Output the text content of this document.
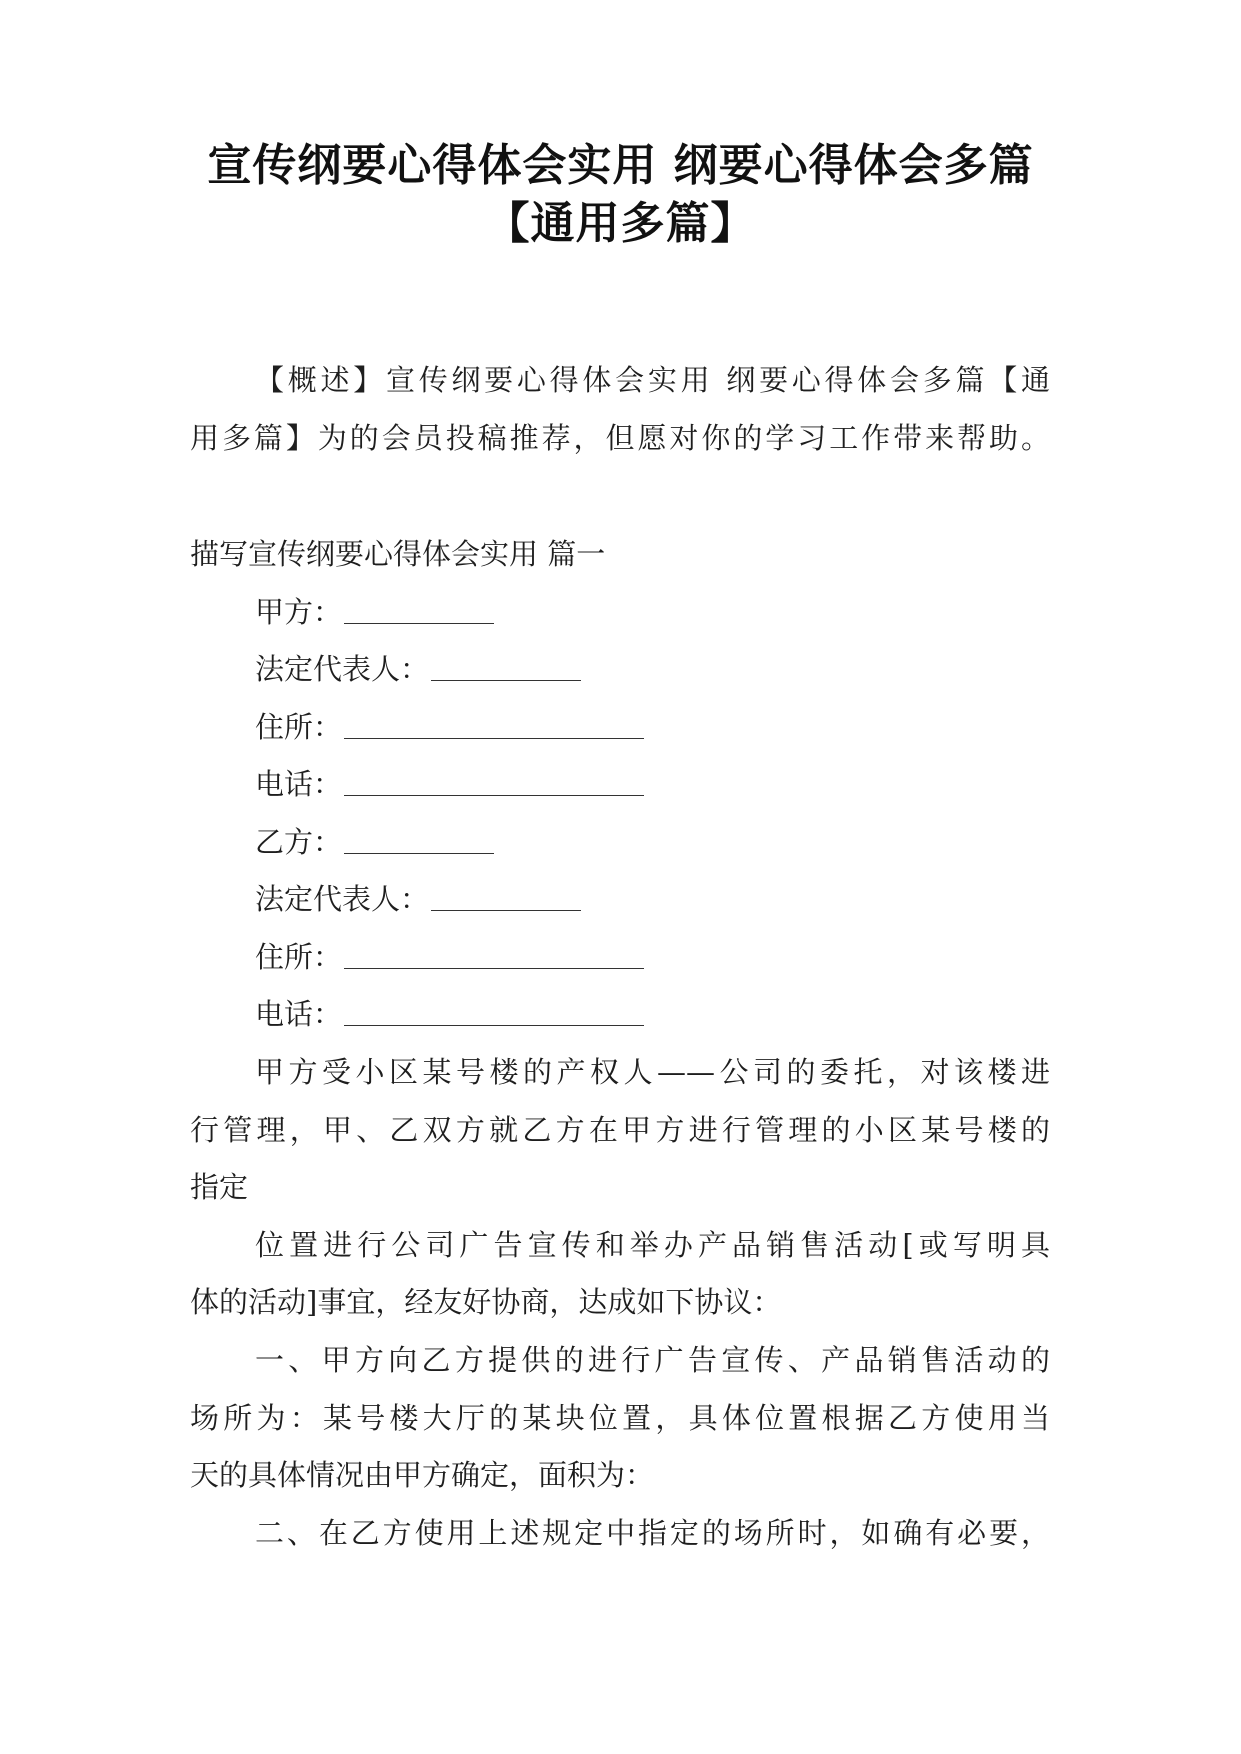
宣传纲要心得体会实用 纲要心得体会多篇
【通用多篇】
【概述】宣传纲要心得体会实用 纲要心得体会多篇【通
用多篇】为的会员投稿推荐，但愿对你的学习工作带来帮助。
描写宣传纲要心得体会实用 篇一
甲方：
法定代表人：
住所：
电话：
乙方：
法定代表人：
住所：
电话：
甲方受小区某号楼的产权人——公司的委托，对该楼进
行管理，甲、乙双方就乙方在甲方进行管理的小区某号楼的
指定
位置进行公司广告宣传和举办产品销售活动[或写明具
体的活动]事宜，经友好协商，达成如下协议：
一、甲方向乙方提供的进行广告宣传、产品销售活动的
场所为：某号楼大厅的某块位置，具体位置根据乙方使用当
天的具体情况由甲方确定，面积为：
二、在乙方使用上述规定中指定的场所时，如确有必要，
